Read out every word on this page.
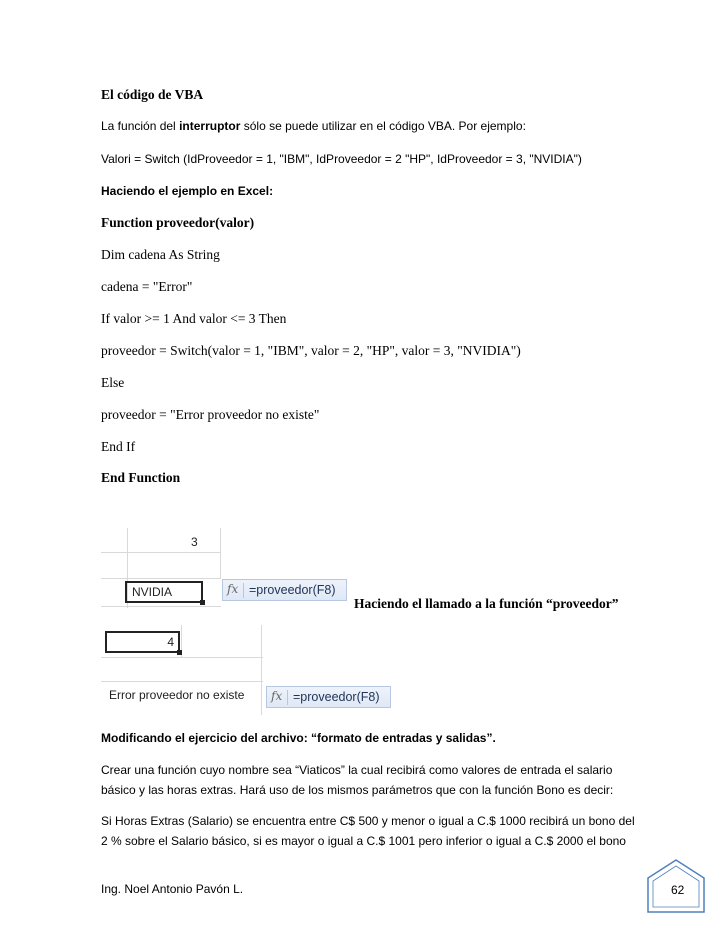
El código de VBA

La función del interruptor sólo se puede utilizar en el código VBA. Por ejemplo:

Valori = Switch (IdProveedor = 1, "IBM", IdProveedor = 2 "HP", IdProveedor = 3, "NVIDIA")

Haciendo el ejemplo en Excel:

Function proveedor(valor)

Dim cadena As String

cadena = "Error"

If valor >= 1 And valor <= 3 Then

proveedor = Switch(valor = 1, "IBM", valor = 2, "HP", valor = 3, "NVIDIA")

Else

proveedor = "Error proveedor no existe"

End If

End Function

3
NVIDIA	fx =proveedor(F8)

Haciendo el llamado a la función “proveedor”

4
Error proveedor no existe fx =proveedor(F8)

Modificando el ejercicio del archivo: “formato de entradas y salidas”.

Crear una función cuyo nombre sea “Viaticos” la cual recibirá como valores de entrada el salario

básico y las horas extras. Hará uso de los mismos parámetros que con la función Bono es decir:

Si Horas Extras (Salario) se encuentra entre C$ 500 y menor o igual a C.$ 1000 recibirá un bono del

2 % sobre el Salario básico, si es mayor o igual a C.$ 1001 pero inferior o igual a C.$ 2000 el bono

Ing. Noel Antonio Pavón L.	62
